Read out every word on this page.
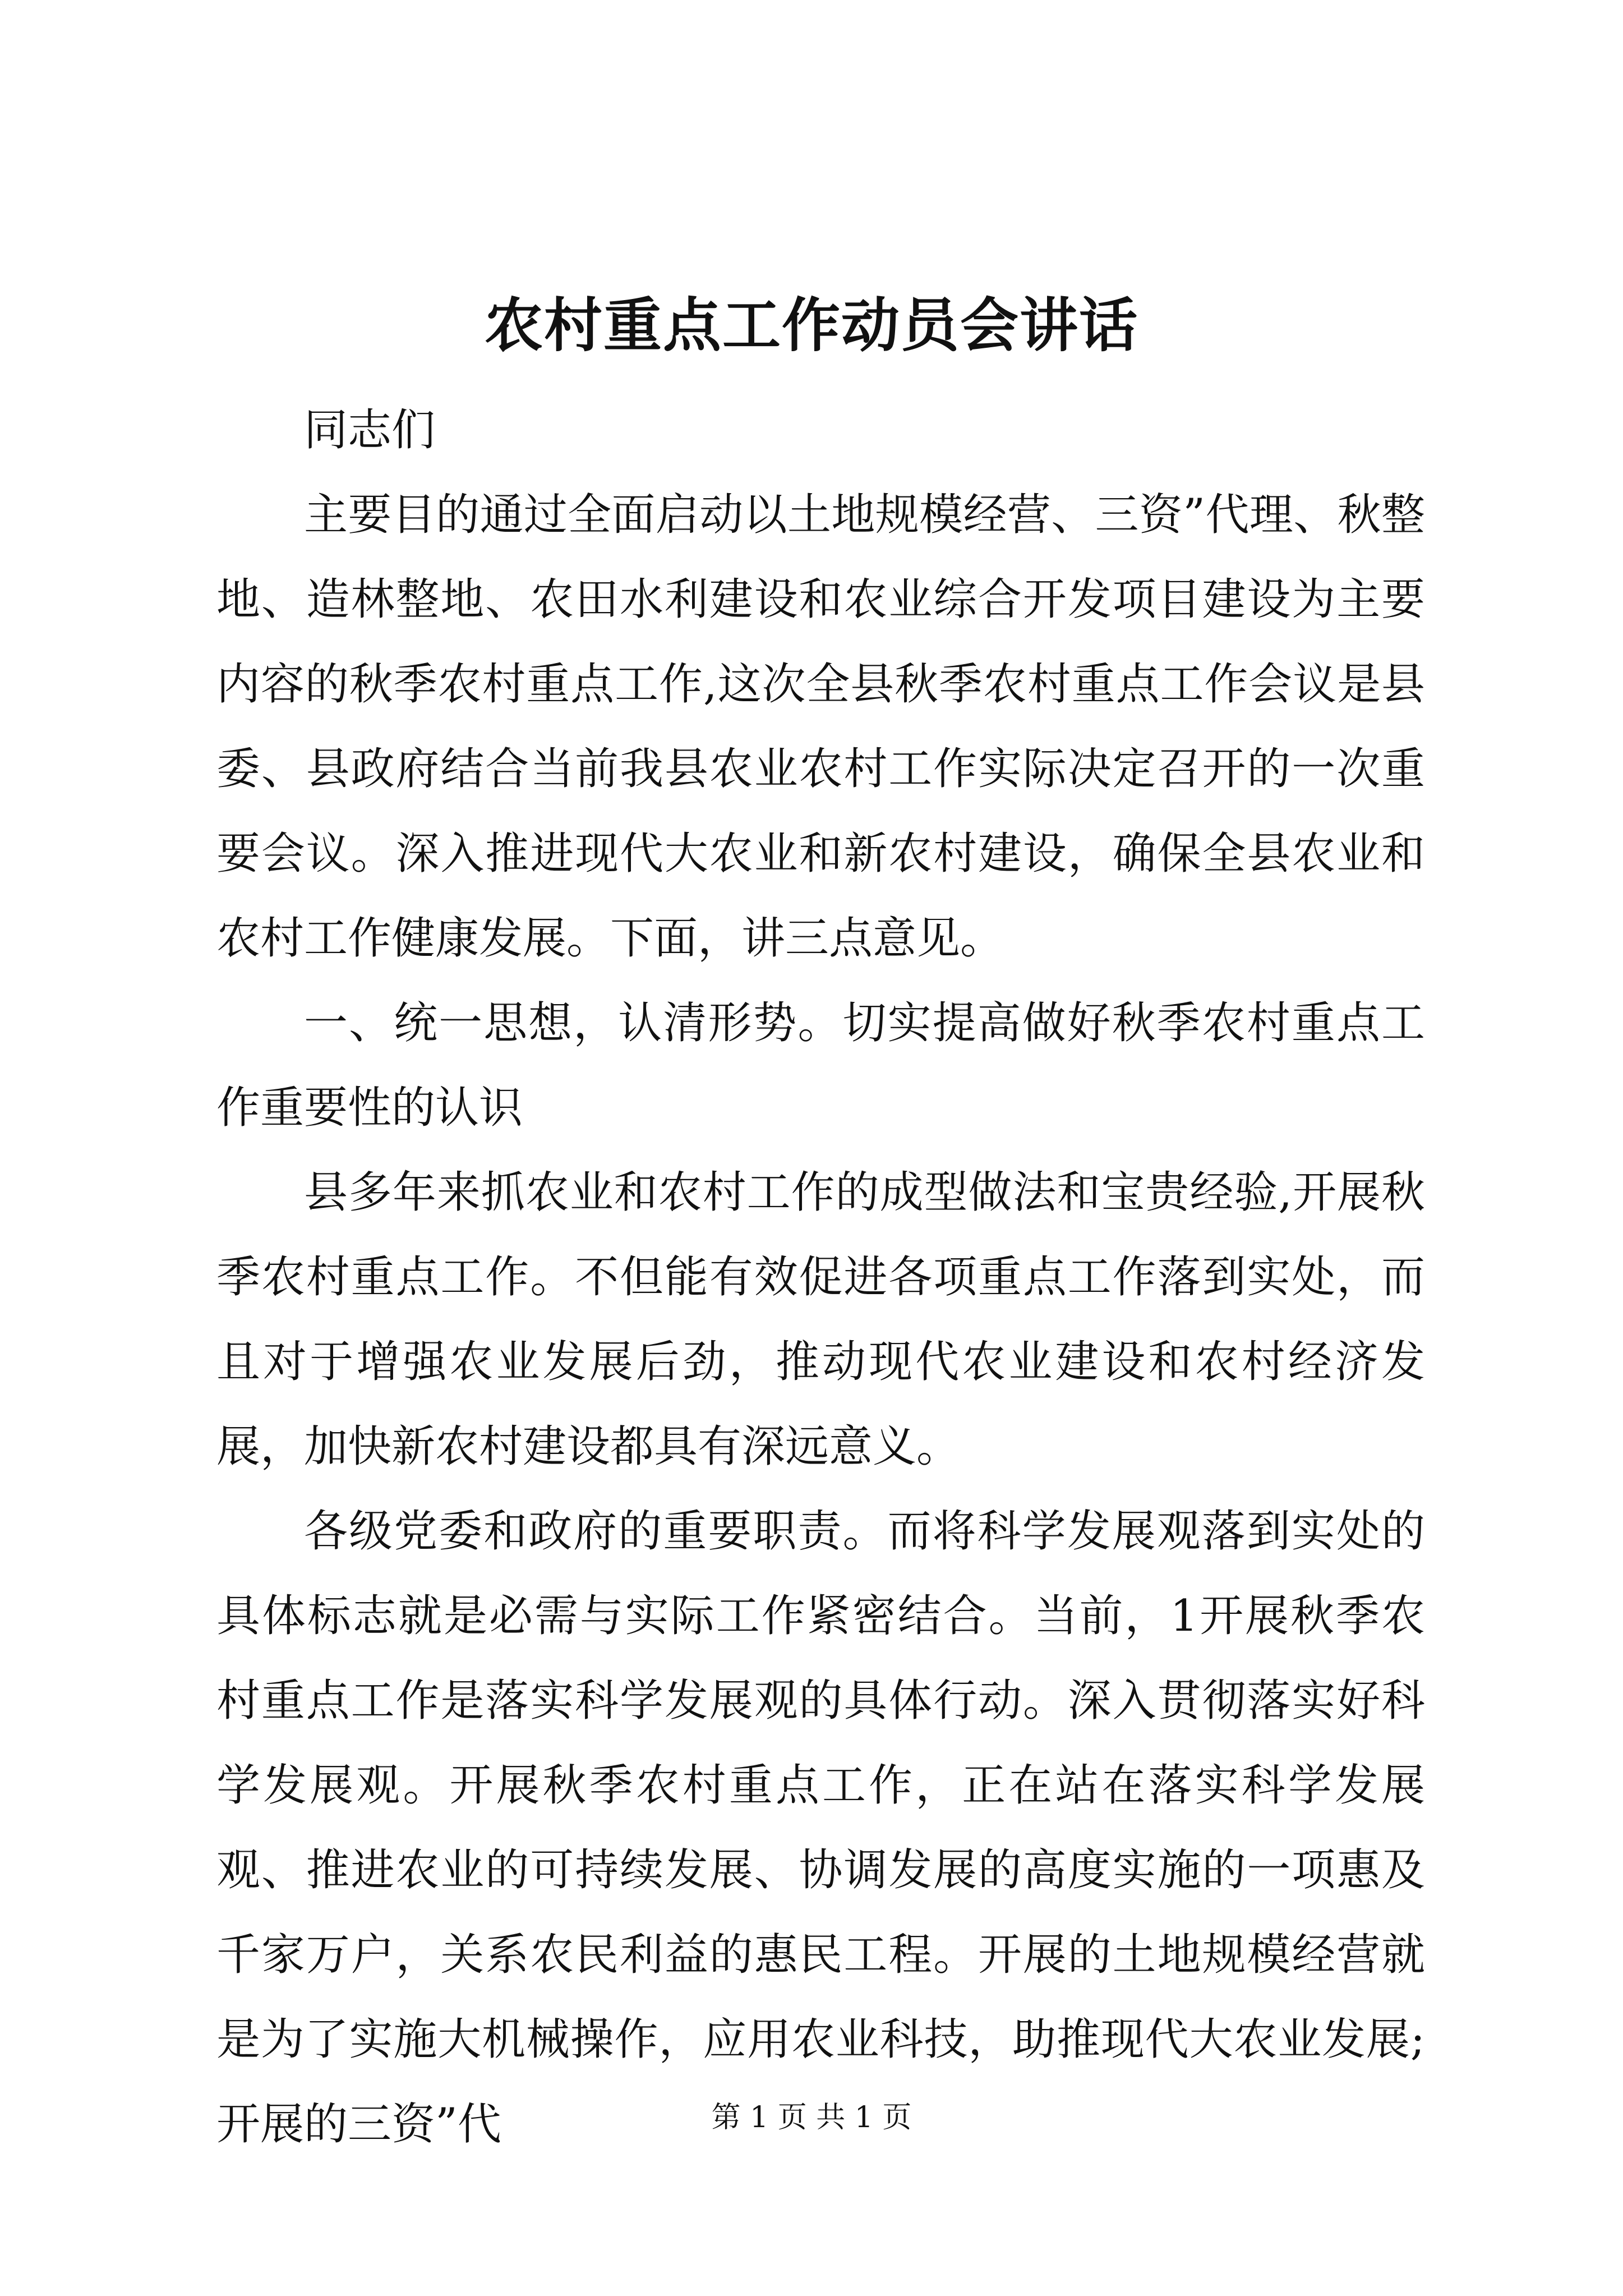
农村重点工作动员会讲话

同志们

主要目的通过全面启动以土地规模经营、三资”代理、秋整地、造林整地、农田水利建设和农业综合开发项目建设为主要内容的秋季农村重点工作,这次全县秋季农村重点工作会议是县委、县政府结合当前我县农业农村工作实际决定召开的一次重要会议。深入推进现代大农业和新农村建设，确保全县农业和农村工作健康发展。下面，讲三点意见。

一、统一思想，认清形势。切实提高做好秋季农村重点工作重要性的认识

县多年来抓农业和农村工作的成型做法和宝贵经验,开展秋季农村重点工作。不但能有效促进各项重点工作落到实处，而且对于增强农业发展后劲，推动现代农业建设和农村经济发展，加快新农村建设都具有深远意义。

各级党委和政府的重要职责。而将科学发展观落到实处的具体标志就是必需与实际工作紧密结合。当前，1开展秋季农村重点工作是落实科学发展观的具体行动。深入贯彻落实好科学发展观。开展秋季农村重点工作，正在站在落实科学发展观、推进农业的可持续发展、协调发展的高度实施的一项惠及千家万户，关系农民利益的惠民工程。开展的土地规模经营就是为了实施大机械操作，应用农业科技，助推现代大农业发展;开展的三资”代	第 1 页 共 1 页
